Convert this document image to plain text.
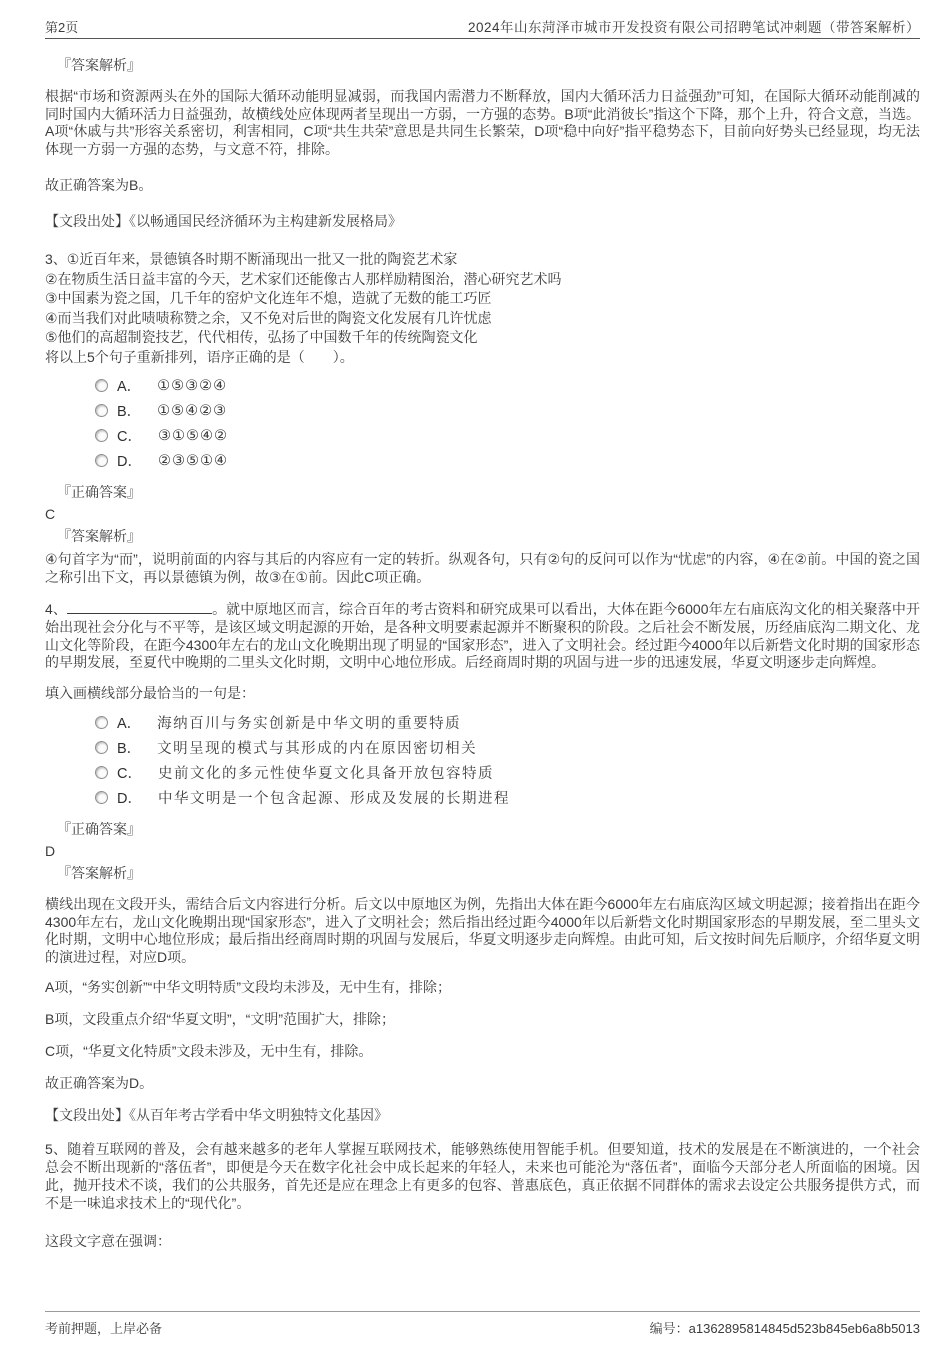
第2页	2024年山东菏泽市城市开发投资有限公司招聘笔试冲刺题（带答案解析）
『答案解析』
根据“市场和资源两头在外的国际大循环动能明显减弱，而我国内需潜力不断释放，国内大循环活力日益强劲”可知，在国际大循环动能削减的同时国内大循环活力日益强劲，故横线处应体现两者呈现出一方弱，一方强的态势。B项“此消彼长”指这个下降，那个上升，符合文意，当选。A项“休戚与共”形容关系密切，利害相同，C项“共生共荣”意思是共同生长繁荣，D项“稳中向好”指平稳势态下，目前向好势头已经显现，均无法体现一方弱一方强的态势，与文意不符，排除。
故正确答案为B。
【文段出处】《以畅通国民经济循环为主构建新发展格局》
3、①近百年来，景德镇各时期不断涌现出一批又一批的陶瓷艺术家
②在物质生活日益丰富的今天，艺术家们还能像古人那样励精图治，潜心研究艺术吗
③中国素为瓷之国，几千年的窑炉文化连年不熄，造就了无数的能工巧匠
④而当我们对此啧啧称赞之余，又不免对后世的陶瓷文化发展有几许忧虑
⑤他们的高超制瓷技艺，代代相传，弘扬了中国数千年的传统陶瓷文化
将以上5个句子重新排列，语序正确的是（　　）。
A． ①⑤③②④
B． ①⑤④②③
C． ③①⑤④②
D． ②③⑤①④
『正确答案』
C
『答案解析』
④句首字为“而”，说明前面的内容与其后的内容应有一定的转折。纵观各句，只有②句的反问可以作为“忧虑”的内容，④在②前。中国的瓷之国之称引出下文，再以景德镇为例，故③在①前。因此C项正确。
4、	。就中原地区而言，综合百年的考古资料和研究成果可以看出，大体在距今6000年左右庙底沟文化的相关聚落中开始出现社会分化与不平等，是该区域文明起源的开始，是各种文明要素起源并不断聚积的阶段。之后社会不断发展，历经庙底沟二期文化、龙山文化等阶段，在距今4300年左右的龙山文化晚期出现了明显的“国家形态”，进入了文明社会。经过距今4000年以后新砦文化时期的国家形态的早期发展，至夏代中晚期的二里头文化时期，文明中心地位形成。后经商周时期的巩固与进一步的迅速发展，华夏文明逐步走向辉煌。
填入画横线部分最恰当的一句是：
A． 海纳百川与务实创新是中华文明的重要特质
B． 文明呈现的模式与其形成的内在原因密切相关
C． 史前文化的多元性使华夏文化具备开放包容特质
D． 中华文明是一个包含起源、形成及发展的长期进程
『正确答案』
D
『答案解析』
横线出现在文段开头，需结合后文内容进行分析。后文以中原地区为例，先指出大体在距今6000年左右庙底沟区域文明起源；接着指出在距今4300年左右，龙山文化晚期出现“国家形态”，进入了文明社会；然后指出经过距今4000年以后新砦文化时期国家形态的早期发展，至二里头文化时期，文明中心地位形成；最后指出经商周时期的巩固与发展后，华夏文明逐步走向辉煌。由此可知，后文按时间先后顺序，介绍华夏文明的演进过程，对应D项。
A项，“务实创新”“中华文明特质”文段均未涉及，无中生有，排除；
B项，文段重点介绍“华夏文明”，“文明”范围扩大，排除；
C项，“华夏文化特质”文段未涉及，无中生有，排除。
故正确答案为D。
【文段出处】《从百年考古学看中华文明独特文化基因》
5、随着互联网的普及，会有越来越多的老年人掌握互联网技术，能够熟练使用智能手机。但要知道，技术的发展是在不断演进的，一个社会总会不断出现新的“落伍者”，即便是今天在数字化社会中成长起来的年轻人，未来也可能沦为“落伍者”，面临今天部分老人所面临的困境。因此，抛开技术不谈，我们的公共服务，首先还是应在理念上有更多的包容、普惠底色，真正依据不同群体的需求去设定公共服务提供方式，而不是一味追求技术上的“现代化”。
这段文字意在强调：
考前押题，上岸必备	编号：a1362895814845d523b845eb6a8b5013
